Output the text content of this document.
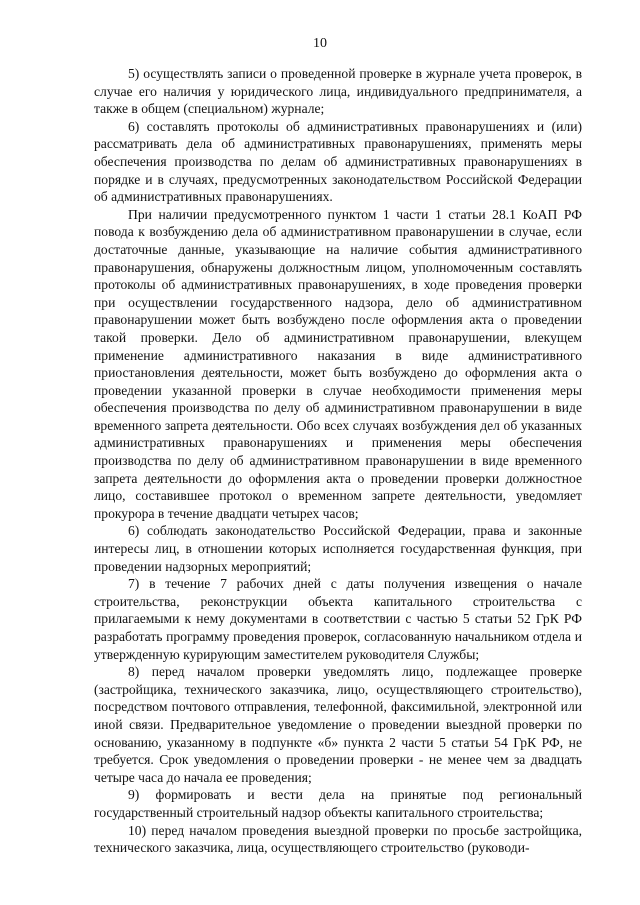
10

5) осуществлять записи о проведенной проверке в журнале учета проверок, в случае его наличия у юридического лица, индивидуального предпринимателя, а также в общем (специальном) журнале;

6) составлять протоколы об административных правонарушениях и (или) рассматривать дела об административных правонарушениях, применять меры обеспечения производства по делам об административных правонарушениях в порядке и в случаях, предусмотренных законодательством Российской Федерации об административных правонарушениях.

При наличии предусмотренного пунктом 1 части 1 статьи 28.1 КоАП РФ повода к возбуждению дела об административном правонарушении в случае, если достаточные данные, указывающие на наличие события административного правонарушения, обнаружены должностным лицом, уполномоченным составлять протоколы об административных правонарушениях, в ходе проведения проверки при осуществлении государственного надзора, дело об административном правонарушении может быть возбуждено после оформления акта о проведении такой проверки. Дело об административном правонарушении, влекущем применение административного наказания в виде административного приостановления деятельности, может быть возбуждено до оформления акта о проведении указанной проверки в случае необходимости применения меры обеспечения производства по делу об административном правонарушении в виде временного запрета деятельности. Обо всех случаях возбуждения дел об указанных административных правонарушениях и применения меры обеспечения производства по делу об административном правонарушении в виде временного запрета деятельности до оформления акта о проведении проверки должностное лицо, составившее протокол о временном запрете деятельности, уведомляет прокурора в течение двадцати четырех часов;

6) соблюдать законодательство Российской Федерации, права и законные интересы лиц, в отношении которых исполняется государственная функция, при проведении надзорных мероприятий;

7) в течение 7 рабочих дней с даты получения извещения о начале строительства, реконструкции объекта капитального строительства с прилагаемыми к нему документами в соответствии с частью 5 статьи 52 ГрК РФ разработать программу проведения проверок, согласованную начальником отдела и утвержденную курирующим заместителем руководителя Службы;

8) перед началом проверки уведомлять лицо, подлежащее проверке (застройщика, технического заказчика, лицо, осуществляющего строительство), посредством почтового отправления, телефонной, факсимильной, электронной или иной связи. Предварительное уведомление о проведении выездной проверки по основанию, указанному в подпункте «б» пункта 2 части 5 статьи 54 ГрК РФ, не требуется. Срок уведомления о проведении проверки - не менее чем за двадцать четыре часа до начала ее проведения;

9) формировать и вести дела на принятые под региональный государственный строительный надзор объекты капитального строительства;

10) перед началом проведения выездной проверки по просьбе застройщика, технического заказчика, лица, осуществляющего строительство (руководи-
